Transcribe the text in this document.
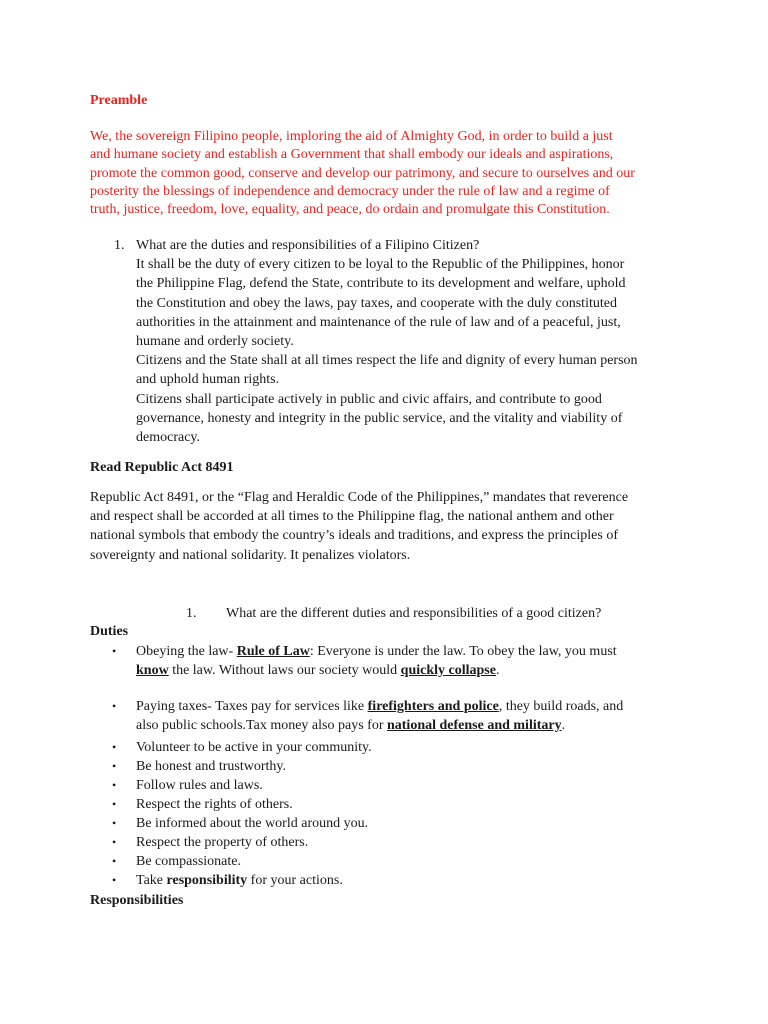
Preamble

We, the sovereign Filipino people, imploring the aid of Almighty God, in order to build a just
and humane society and establish a Government that shall embody our ideals and aspirations,
promote the common good, conserve and develop our patrimony, and secure to ourselves and our
posterity the blessings of independence and democracy under the rule of law and a regime of
truth, justice, freedom, love, equality, and peace, do ordain and promulgate this Constitution.
1. What are the duties and responsibilities of a Filipino Citizen?
It shall be the duty of every citizen to be loyal to the Republic of the Philippines, honor
the Philippine Flag, defend the State, contribute to its development and welfare, uphold
the Constitution and obey the laws, pay taxes, and cooperate with the duly constituted
authorities in the attainment and maintenance of the rule of law and of a peaceful, just,
humane and orderly society.
Citizens and the State shall at all times respect the life and dignity of every human person
and uphold human rights.
Citizens shall participate actively in public and civic affairs, and contribute to good
governance, honesty and integrity in the public service, and the vitality and viability of
democracy.

Read Republic Act 8491

Republic Act 8491, or the “Flag and Heraldic Code of the Philippines,” mandates that reverence
and respect shall be accorded at all times to the Philippine flag, the national anthem and other
national symbols that embody the country’s ideals and traditions, and express the principles of
sovereignty and national solidarity. It penalizes violators.
1. What are the different duties and responsibilities of a good citizen?

Duties

•	Obeying the law- Rule of Law: Everyone is under the law. To obey the law, you must
know the law. Without laws our society would quickly collapse.
•	Paying taxes- Taxes pay for services like firefighters and police, they build roads, and
also public schools.Tax money also pays for national defense and military.
•	Volunteer to be active in your community.
•	Be honest and trustworthy.
•	Follow rules and laws.
•	Respect the rights of others.
•	Be informed about the world around you.
•	Respect the property of others.
•	Be compassionate.
•	Take responsibility for your actions.

Responsibilities
